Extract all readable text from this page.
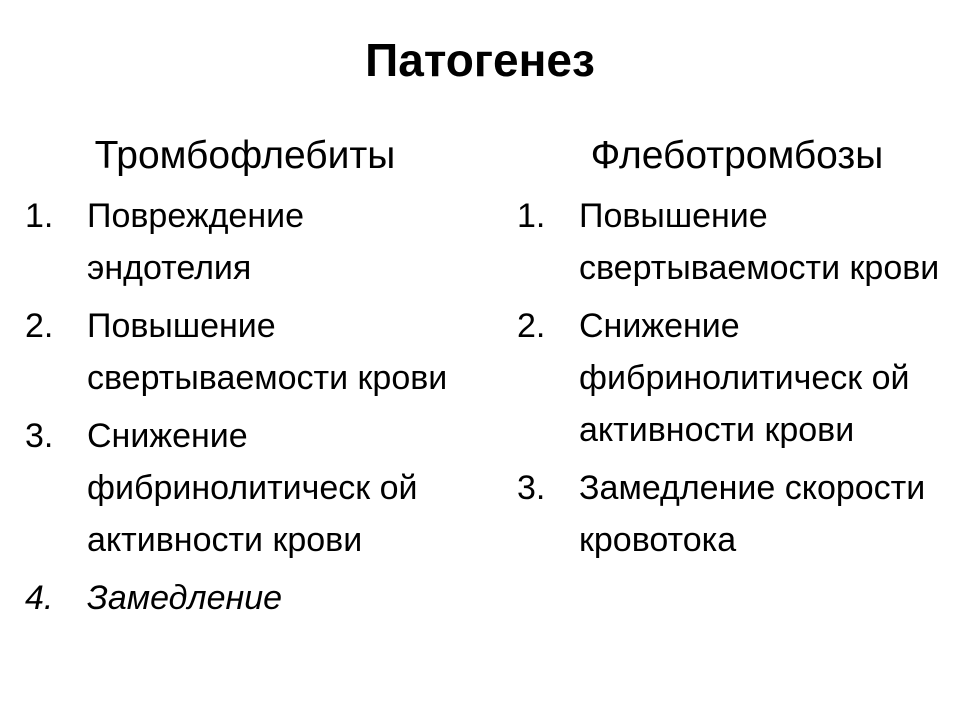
Патогенез
Тромбофлебиты
1. Повреждение эндотелия
2. Повышение свертываемости крови
3. Снижение фибринолитическ ой активности крови
4. Замедление
Флеботромбозы
1. Повышение свертываемости крови
2. Снижение фибринолитическ ой активности крови
3. Замедление скорости кровотока
